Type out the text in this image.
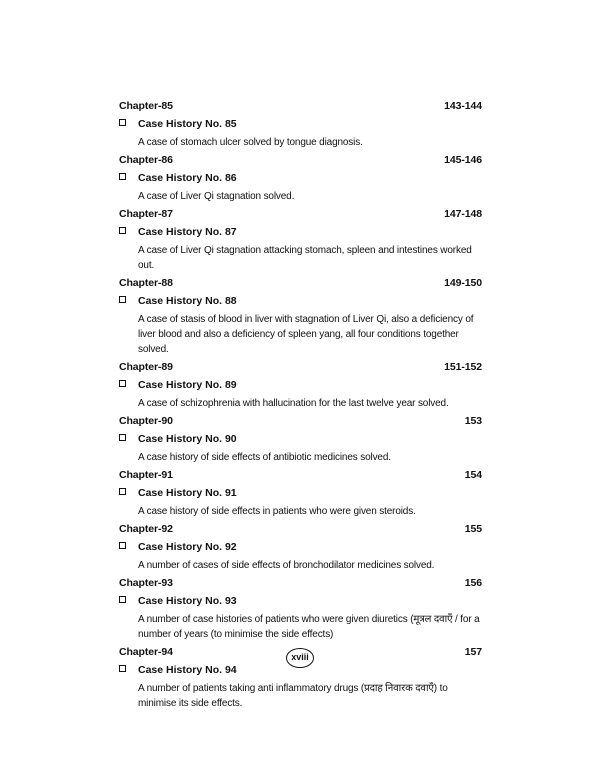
Chapter-85	143-144
Case History No. 85
A case of stomach ulcer solved by tongue diagnosis.
Chapter-86	145-146
Case History No. 86
A case of Liver Qi stagnation solved.
Chapter-87	147-148
Case History No. 87
A case of Liver Qi stagnation attacking stomach, spleen and intestines worked out.
Chapter-88	149-150
Case History No. 88
A case of stasis of blood in liver with stagnation of Liver Qi, also a deficiency of liver blood and also a deficiency of spleen yang, all four conditions together solved.
Chapter-89	151-152
Case History No. 89
A case of schizophrenia with hallucination for the last twelve year solved.
Chapter-90	153
Case History No. 90
A case history of side effects of antibiotic medicines solved.
Chapter-91	154
Case History No. 91
A case history of side effects in patients who were given steroids.
Chapter-92	155
Case History No. 92
A number of cases of side effects of bronchodilator medicines solved.
Chapter-93	156
Case History No. 93
A number of case histories of patients who were given diuretics (मूत्रल दवाएँ / for a number of years (to minimise the side effects)
Chapter-94	157
Case History No. 94
A number of patients taking anti inflammatory drugs (प्रदाह निवारक दवाएँ) to minimise its side effects.
xviii
